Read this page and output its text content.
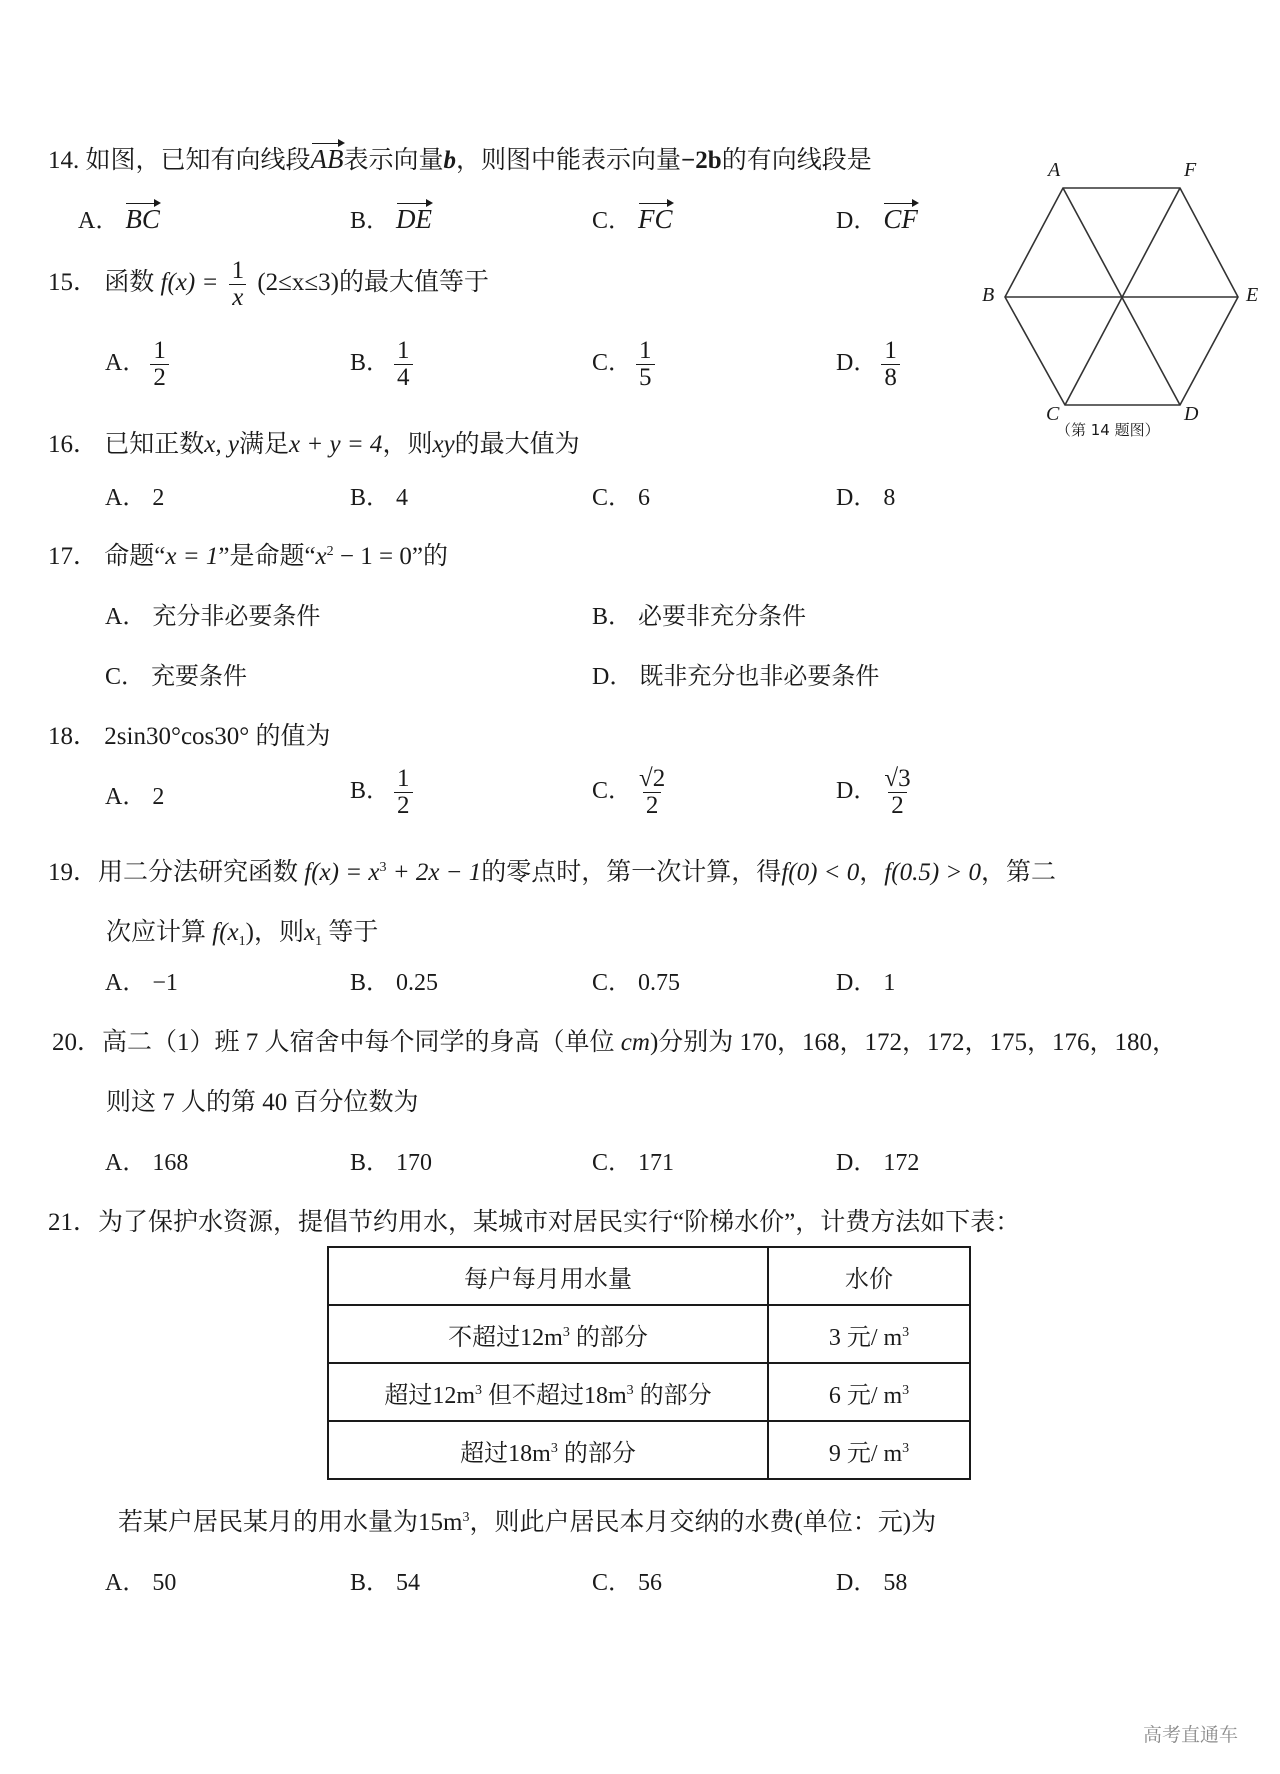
14. 如图，已知有向线段AB表示向量b，则图中能表示向量−2b的有向线段是
A． BC	B． DE	C． FC	D． CF
A	F
B	E
C	D
（第 14 题图）
15． 函数 $f(x) = \frac{1}{x} (2\le x\le 3)$的最大值等于
A． $\frac{1}{2}$	B． $\frac{1}{4}$	C． $\frac{1}{5}$	D． $\frac{1}{8}$
16． 已知正数x, y满足x + y = 4，则xy的最大值为
A． 2	B． 4	C． 6	D． 8
17． 命题“x = 1”是命题“$x^2 - 1 = 0$”的
A． 充分非必要条件	B． 必要非充分条件
C． 充要条件	D． 既非充分也非必要条件
18． 2sin30°cos30° 的值为
A． 2	B． $\frac{1}{2}$	C． $\frac{√2}{2}$	D． $\frac{√3}{2}$
19．用二分法研究函数 $f(x) = x^3 + 2x - 1$的零点时，第一次计算，得f(0) < 0，f(0.5) > 0，第二
次应计算 $f(x_1)$，则$x_1$ 等于
A． −1	B． 0.25	C． 0.75	D． 1
20．高二（1）班 7 人宿舍中每个同学的身高（单位 cm)分别为 170，168，172，172，175，176，180，
则这 7 人的第 40 百分位数为
A． 168	B． 170	C． 171	D． 172
21．为了保护水资源，提倡节约用水，某城市对居民实行“阶梯水价”，计费方法如下表：
每户每月用水量	水价
不超过$12m^3$ 的部分	3 元/ $m^3$
超过$12m^3$ 但不超过$18m^3$ 的部分	6 元/ $m^3$
超过$18m^3$ 的部分	9 元/ $m^3$
若某户居民某月的用水量为$15m^3$，则此户居民本月交纳的水费(单位：元)为
A． 50	B． 54	C． 56	D． 58
高考直通车
